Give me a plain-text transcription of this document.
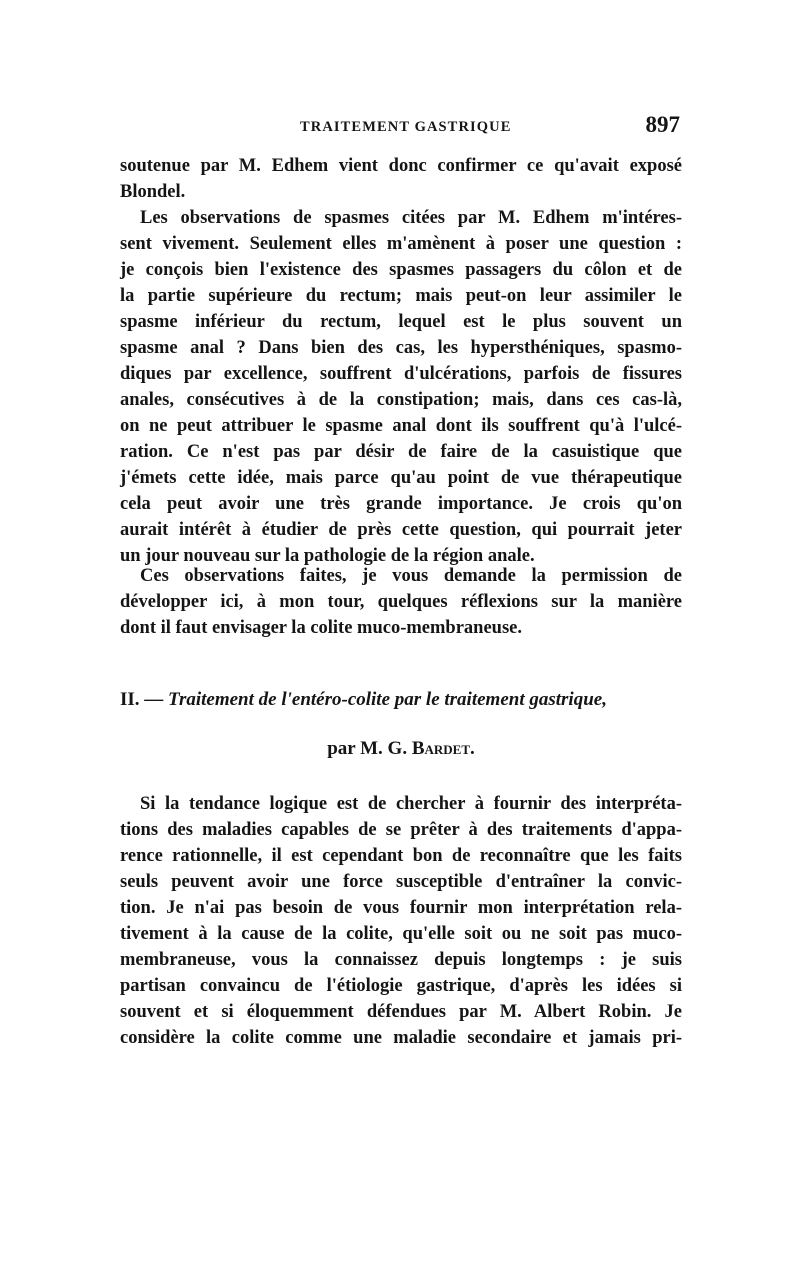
TRAITEMENT GASTRIQUE	897
soutenue par M. Edhem vient donc confirmer ce qu'avait exposé
Blondel.
Les observations de spasmes citées par M. Edhem m'intéres-
sent vivement. Seulement elles m'amènent à poser une question :
je conçois bien l'existence des spasmes passagers du côlon et de
la partie supérieure du rectum; mais peut-on leur assimiler le
spasme inférieur du rectum, lequel est le plus souvent un
spasme anal ? Dans bien des cas, les hypersthéniques, spasmo-
diques par excellence, souffrent d'ulcérations, parfois de fissures
anales, consécutives à de la constipation; mais, dans ces cas-là,
on ne peut attribuer le spasme anal dont ils souffrent qu'à l'ulcé-
ration. Ce n'est pas par désir de faire de la casuistique que
j'émets cette idée, mais parce qu'au point de vue thérapeutique
cela peut avoir une très grande importance. Je crois qu'on
aurait intérêt à étudier de près cette question, qui pourrait jeter
un jour nouveau sur la pathologie de la région anale.
Ces observations faites, je vous demande la permission de
développer ici, à mon tour, quelques réflexions sur la manière
dont il faut envisager la colite muco-membraneuse.
II. — Traitement de l'entéro-colite par le traitement gastrique,
par M. G. Bardet.
Si la tendance logique est de chercher à fournir des interpréta-
tions des maladies capables de se prêter à des traitements d'appa-
rence rationnelle, il est cependant bon de reconnaître que les faits
seuls peuvent avoir une force susceptible d'entraîner la convic-
tion. Je n'ai pas besoin de vous fournir mon interprétation rela-
tivement à la cause de la colite, qu'elle soit ou ne soit pas muco-
membraneuse, vous la connaissez depuis longtemps : je suis
partisan convaincu de l'étiologie gastrique, d'après les idées si
souvent et si éloquemment défendues par M. Albert Robin. Je
considère la colite comme une maladie secondaire et jamais pri-
